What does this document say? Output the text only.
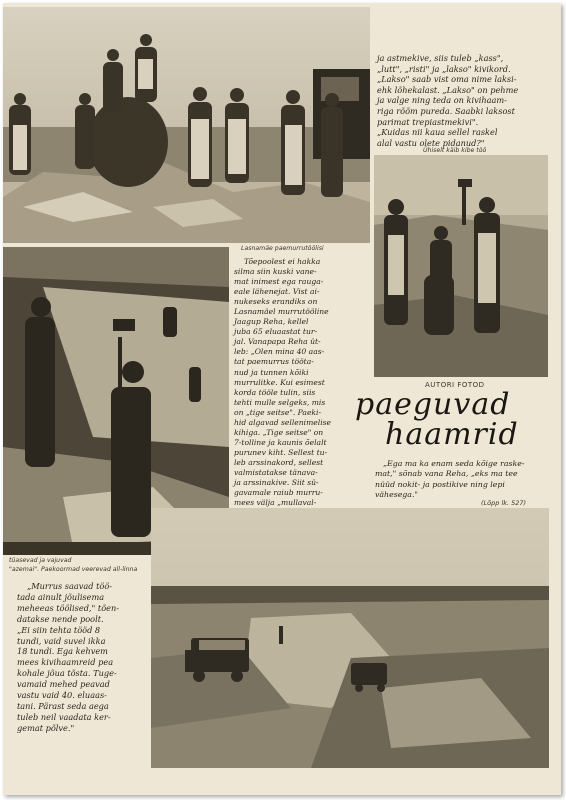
ja astmekive, siis tuleb „kass",
„lutt", „risti" ja „lakso" kivikord.
„Lakso" saab vist oma nime laksi-
ehk lõhekalast. „Lakso" on pehme
ja valge ning teda on kivihaam-
riga rõõm pureda. Saabki laksost
parimat trepiastmekivi".
„Kuidas nii kaua sellel raskel
alal vastu olete pidanud?"
Ühiselt käib kibe töö
Lasnamäe paemurrutöölisi
Tõepoolest ei hakka
silma siin kuski vane-
mat inimest ega rauga-
eale lähenejat. Vist ai-
nukeseks erandiks on
Lasnamäel murrutööline
Jaagup Reha, kellel
juba 65 eluaastat tur-
jal. Vanapapa Reha üt-
leb: „Olen mina 40 aas-
tat paemurrus tööta-
nud ja tunnen kõiki
murrulitke. Kui esimest
korda tööle tulin, siis
tehti mulle selgeks, mis
on „tige seitse". Paeki-
hid algavad sellenimelise
kihiga. „Tige seitse" on
7-tolline ja kaunis õelalt
purunev kiht. Sellest tu-
leb arssinakord, sellest
valmistatakse tänava-
ja arssinakive. Siit sü-
gavamale raiub murru-
mees välja „mullaval-
AUTORI FOTOD
paeguvad
haamrid
„Ega ma ka enam seda kõige raske-
mat," sõnab vana Reha, „eks ma tee
nüüd nokit- ja postikive ning lepi
vähesega."
(Lõpp lk. 527)
tüasevad ja vajuvad
"azemai". Paekoormad veerevad all-linna
„Murrus saavad töö-
tada ainult jõulisema
meheeas töölised," tõen-
datakse nende poolt.
„Ei siin tehta tööd 8
tundi, vaid suvel ikka
18 tundi. Ega kehvem
mees kivihaamreid pea
kohale jõua tõsta. Tuge-
vamaid mehed peavad
vastu vaid 40. eluaas-
tani. Pärast seda aega
tuleb neil vaadata ker-
gemat põlve."
